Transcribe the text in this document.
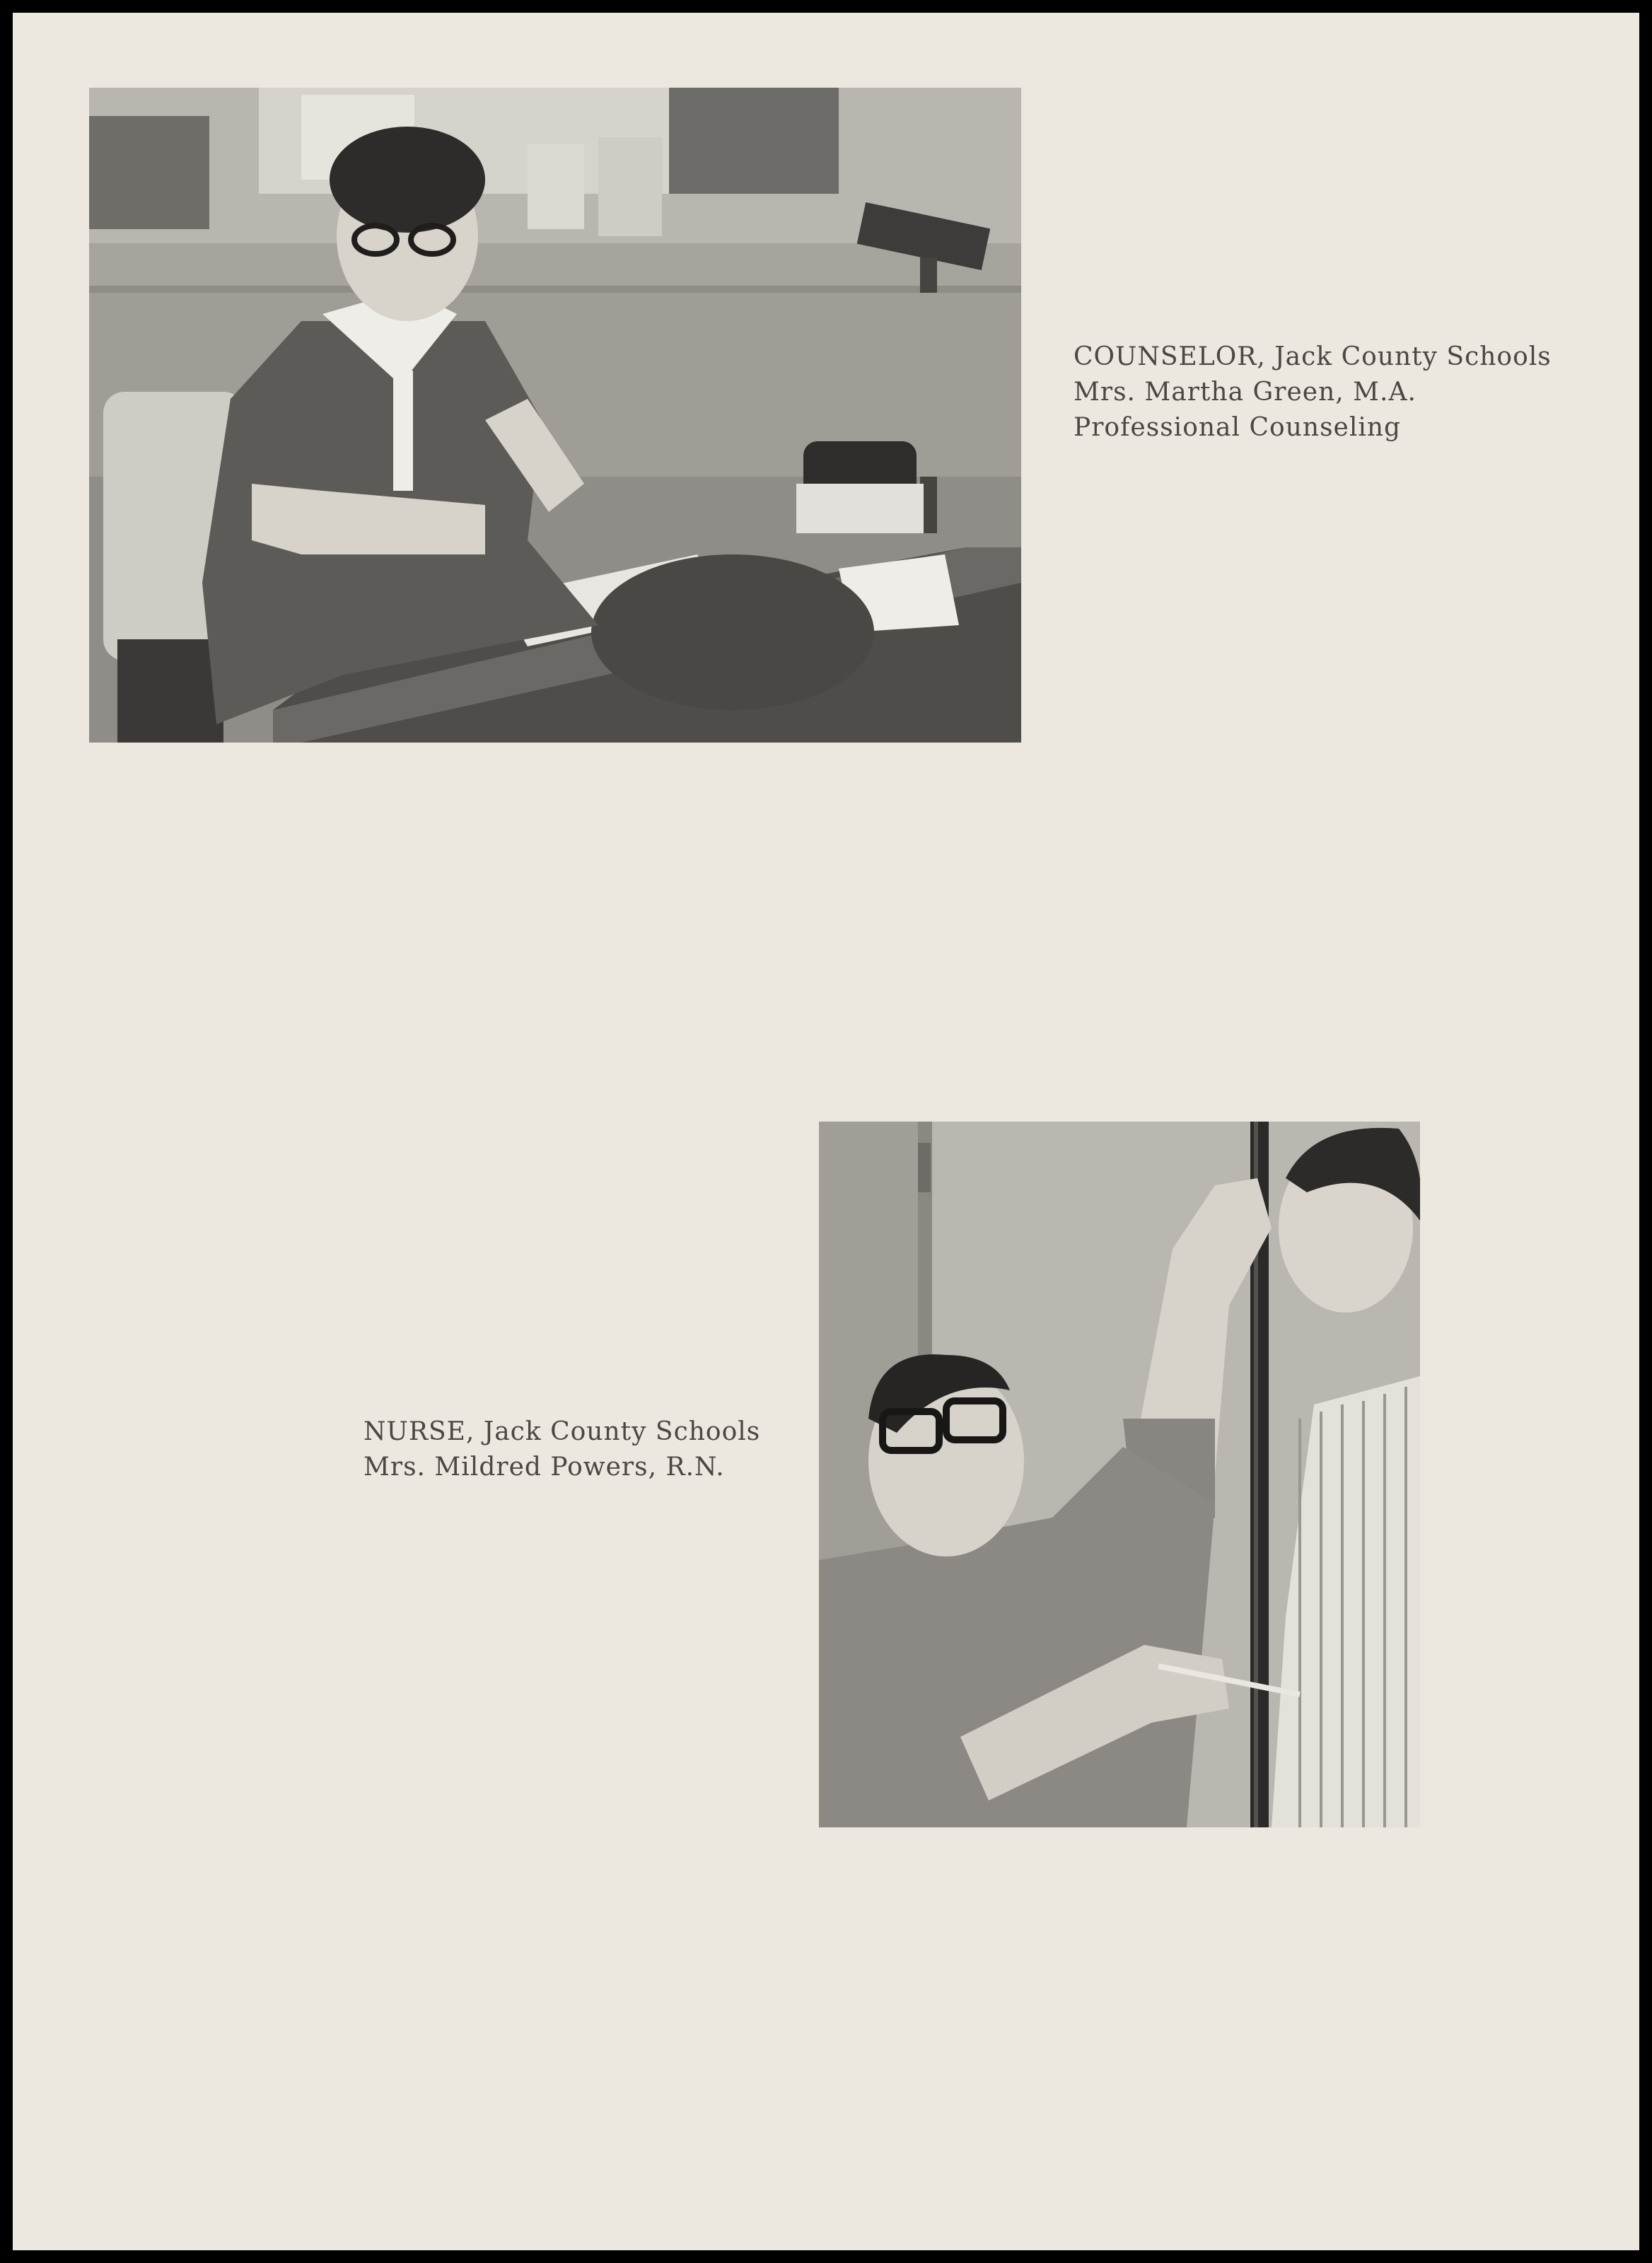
COUNSELOR, Jack County Schools
Mrs. Martha Green, M.A.
Professional Counseling
NURSE, Jack County Schools
Mrs. Mildred Powers, R.N.
